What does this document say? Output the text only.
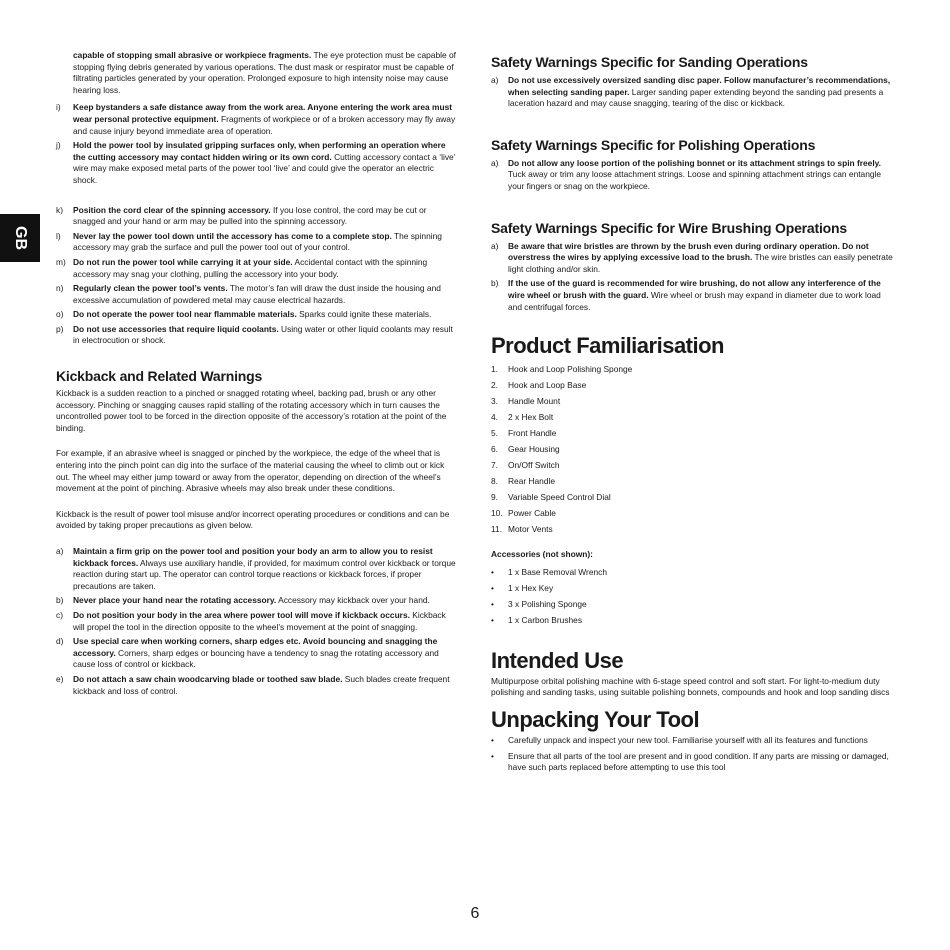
GB

capable of stopping small abrasive or workpiece fragments. The eye protection must be capable of stopping flying debris generated by various operations. The dust mask or respirator must be capable of filtrating particles generated by your operation. Prolonged exposure to high intensity noise may cause hearing loss.

i)	Keep bystanders a safe distance away from the work area. Anyone entering the work area must wear personal protective equipment. Fragments of workpiece or of a broken accessory may fly away and cause injury beyond immediate area of operation.
j)	Hold the power tool by insulated gripping surfaces only, when performing an operation where the cutting accessory may contact hidden wiring or its own cord. Cutting accessory contact a ‘live’ wire may make exposed metal parts of the power tool ‘live’ and could give the operator an electric shock.
k)	Position the cord clear of the spinning accessory. If you lose control, the cord may be cut or snagged and your hand or arm may be pulled into the spinning accessory.
l)	Never lay the power tool down until the accessory has come to a complete stop. The spinning accessory may grab the surface and pull the power tool out of your control.
m) Do not run the power tool while carrying it at your side. Accidental contact with the spinning accessory may snag your clothing, pulling the accessory into your body.
n)	Regularly clean the power tool’s vents. The motor’s fan will draw the dust inside the housing and excessive accumulation of powdered metal may cause electrical hazards.
o)	Do not operate the power tool near flammable materials. Sparks could ignite these materials.
p)	Do not use accessories that require liquid coolants. Using water or other liquid coolants may result in electrocution or shock.
Kickback and Related Warnings

Kickback is a sudden reaction to a pinched or snagged rotating wheel, backing pad, brush or any other accessory. Pinching or snagging causes rapid stalling of the rotating accessory which in turn causes the uncontrolled power tool to be forced in the direction opposite of the accessory’s rotation at the point of the binding.

For example, if an abrasive wheel is snagged or pinched by the workpiece, the edge of the wheel that is entering into the pinch point can dig into the surface of the material causing the wheel to climb out or kick out. The wheel may either jump toward or away from the operator, depending on direction of the wheel’s movement at the point of pinching. Abrasive wheels may also break under these conditions.

Kickback is the result of power tool misuse and/or incorrect operating procedures or conditions and can be avoided by taking proper precautions as given below.

a)	Maintain a firm grip on the power tool and position your body an arm to allow you to resist kickback forces. Always use auxiliary handle, if provided, for maximum control over kickback or torque reaction during start up. The operator can control torque reactions or kickback forces, if proper precautions are taken.
b)	Never place your hand near the rotating accessory. Accessory may kickback over your hand.
c)	Do not position your body in the area where power tool will move if kickback occurs. Kickback will propel the tool in the direction opposite to the wheel’s movement at the point of snagging.
d)	Use special care when working corners, sharp edges etc. Avoid bouncing and snagging the accessory. Corners, sharp edges or bouncing have a tendency to snag the rotating accessory and cause loss of control or kickback.
e)	Do not attach a saw chain woodcarving blade or toothed saw blade. Such blades create frequent kickback and loss of control.
Safety Warnings Specific for Sanding Operations
a)	Do not use excessively oversized sanding disc paper. Follow manufacturer’s recommendations, when selecting sanding paper. Larger sanding paper extending beyond the sanding pad presents a laceration hazard and may cause snagging, tearing of the disc or kickback.
Safety Warnings Specific for Polishing Operations
a)	Do not allow any loose portion of the polishing bonnet or its attachment strings to spin freely. Tuck away or trim any loose attachment strings. Loose and spinning attachment strings can entangle your fingers or snag on the workpiece.
Safety Warnings Specific for Wire Brushing Operations
a)	Be aware that wire bristles are thrown by the brush even during ordinary operation. Do not overstress the wires by applying excessive load to the brush. The wire bristles can easily penetrate light clothing and/or skin.
b)	If the use of the guard is recommended for wire brushing, do not allow any interference of the wire wheel or brush with the guard. Wire wheel or brush may expand in diameter due to work load and centrifugal forces.
Product Familiarisation
1.	Hook and Loop Polishing Sponge
2.	Hook and Loop Base
3.	Handle Mount
4.	2 x Hex Bolt
5.	Front Handle
6.	Gear Housing
7.	On/Off Switch
8.	Rear Handle
9.	Variable Speed Control Dial
10. Power Cable
11. Motor Vents

Accessories (not shown):

•	1 x Base Removal Wrench
•	1 x Hex Key
•	3 x Polishing Sponge
•	1 x Carbon Brushes
Intended Use

Multipurpose orbital polishing machine with 6-stage speed control and soft start. For light-to-medium duty polishing and sanding tasks, using suitable polishing bonnets, compounds and hook and loop sanding discs

Unpacking Your Tool
•	Carefully unpack and inspect your new tool. Familiarise yourself with all its features and functions
•	Ensure that all parts of the tool are present and in good condition. If any parts are missing or damaged, have such parts replaced before attempting to use this tool
6
